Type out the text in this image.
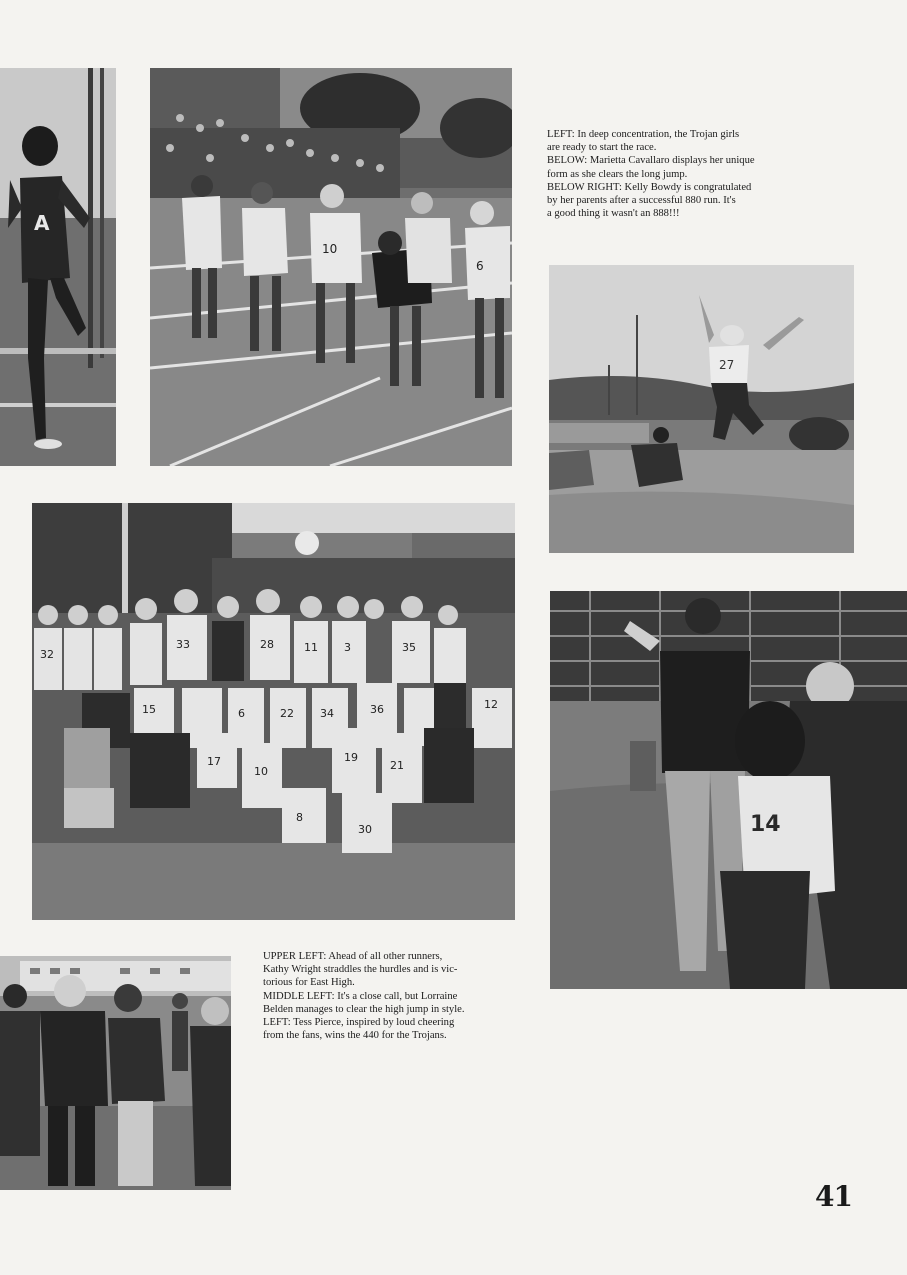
A
10
6

LEFT: In deep concentration, the Trojan girls

are ready to start the race.

BELOW: Marietta Cavallaro displays her unique

form as she clears the long jump.

BELOW RIGHT: Kelly Bowdy is congratulated

by her parents after a successful 880 run. It's

a good thing it wasn't an 888!!!

27
32
33	28	11 3	35
6	22 34	36	12
15
17
10
19
21
8
30	14

UPPER LEFT: Ahead of all other runners,

Kathy Wright straddles the hurdles and is vic-

torious for East High.

MIDDLE LEFT: It's a close call, but Lorraine

Belden manages to clear the high jump in style.

LEFT: Tess Pierce, inspired by loud cheering

from the fans, wins the 440 for the Trojans.

41
